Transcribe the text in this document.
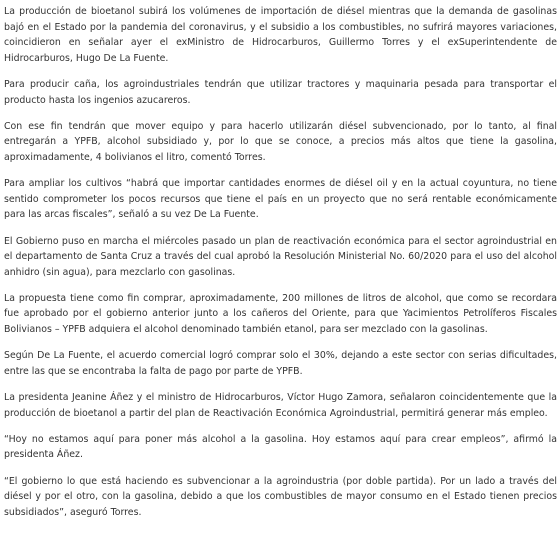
La producción de bioetanol subirá los volúmenes de importación de diésel mientras que la demanda de gasolinas bajó en el Estado por la pandemia del coronavirus, y el subsidio a los combustibles, no sufrirá mayores variaciones, coincidieron en señalar ayer el exMinistro de Hidrocarburos, Guillermo Torres y el exSuperintendente de Hidrocarburos, Hugo De La Fuente.

Para producir caña, los agroindustriales tendrán que utilizar tractores y maquinaria pesada para transportar el producto hasta los ingenios azucareros.

Con ese fin tendrán que mover equipo y para hacerlo utilizarán diésel subvencionado, por lo tanto, al final entregarán a YPFB, alcohol subsidiado y, por lo que se conoce, a precios más altos que tiene la gasolina, aproximadamente, 4 bolivianos el litro, comentó Torres.

Para ampliar los cultivos “habrá que importar cantidades enormes de diésel oil y en la actual coyuntura, no tiene sentido comprometer los pocos recursos que tiene el país en un proyecto que no será rentable económicamente para las arcas fiscales”, señaló a su vez De La Fuente.

El Gobierno puso en marcha el miércoles pasado un plan de reactivación económica para el sector agroindustrial en el departamento de Santa Cruz a través del cual aprobó la Resolución Ministerial No. 60/2020 para el uso del alcohol anhidro (sin agua), para mezclarlo con gasolinas.

La propuesta tiene como fin comprar, aproximadamente, 200 millones de litros de alcohol, que como se recordara fue aprobado por el gobierno anterior junto a los cañeros del Oriente, para que Yacimientos Petrolíferos Fiscales Bolivianos – YPFB adquiera el alcohol denominado también etanol, para ser mezclado con la gasolinas.

Según De La Fuente, el acuerdo comercial logró comprar solo el 30%, dejando a este sector con serias dificultades, entre las que se encontraba la falta de pago por parte de YPFB.

La presidenta Jeanine Áñez y el ministro de Hidrocarburos, Víctor Hugo Zamora, señalaron coincidentemente que la producción de bioetanol a partir del plan de Reactivación Económica Agroindustrial, permitirá generar más empleo.

“Hoy no estamos aquí para poner más alcohol a la gasolina. Hoy estamos aquí para crear empleos”, afirmó la presidenta Áñez.

“El gobierno lo que está haciendo es subvencionar a la agroindustria (por doble partida). Por un lado a través del diésel y por el otro, con la gasolina, debido a que los combustibles de mayor consumo en el Estado tienen precios subsidiados”, aseguró Torres.
